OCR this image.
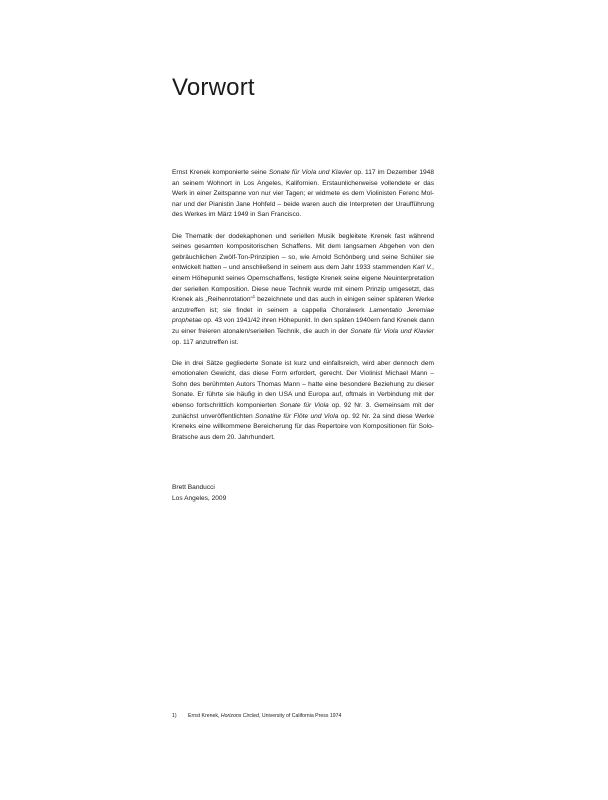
Vorwort

Ernst Krenek komponierte seine Sonate für Viola und Klavier op. 117 im Dezember 1948 an seinem Wohnort in Los Angeles, Kalifornien. Erstaunlicherweise vollendete er das Werk in einer Zeitspanne von nur vier Tagen; er widmete es dem Violinisten Ferenc Molnar und der Pianistin Jane Hohfeld – beide waren auch die Interpreten der Uraufführung des Werkes im März 1949 in San Francisco.

Die Thematik der dodekaphonen und seriellen Musik begleitete Krenek fast während seines gesamten kompositorischen Schaffens. Mit dem langsamen Abgehen von den gebräuchlichen Zwölf-Ton-Prinzipien – so, wie Arnold Schönberg und seine Schüler sie entwickelt hatten – und anschließend in seinem aus dem Jahr 1933 stammenden Karl V., einem Höhepunkt seines Opernschaffens, festigte Krenek seine eigene Neuinterpretation der seriellen Komposition. Diese neue Technik wurde mit einem Prinzip umgesetzt, das Krenek als „Reihenrotation“$^1$ bezeichnete und das auch in einigen seiner späteren Werke anzutreffen ist; sie findet in seinem a cappella Choralwerk Lamentatio Jeremiae prophetae op. 43 von 1941/42 ihren Höhepunkt. In den späten 1940ern fand Krenek dann zu einer freieren atonalen/seriellen Technik, die auch in der Sonate für Viola und Klavier op. 117 anzutreffen ist.

Die in drei Sätze gegliederte Sonate ist kurz und einfallsreich, wird aber dennoch dem emotionalen Gewicht, das diese Form erfordert, gerecht. Der Violinist Michael Mann – Sohn des berühmten Autors Thomas Mann – hatte eine besondere Beziehung zu dieser Sonate. Er führte sie häufig in den USA und Europa auf, oftmals in Verbindung mit der ebenso fortschrittlich komponierten Sonate für Viola op. 92 Nr. 3. Gemeinsam mit der zunächst unveröffentlichten Sonatine für Flöte und Viola op. 92 Nr. 2a sind diese Werke Kreneks eine willkommene Bereicherung für das Repertoire von Kompositionen für Solo-Bratsche aus dem 20. Jahrhundert.

Brett Banducci
Los Angeles, 2009
1) Ernst Krenek, Horizons Circled, University of California Press 1974
